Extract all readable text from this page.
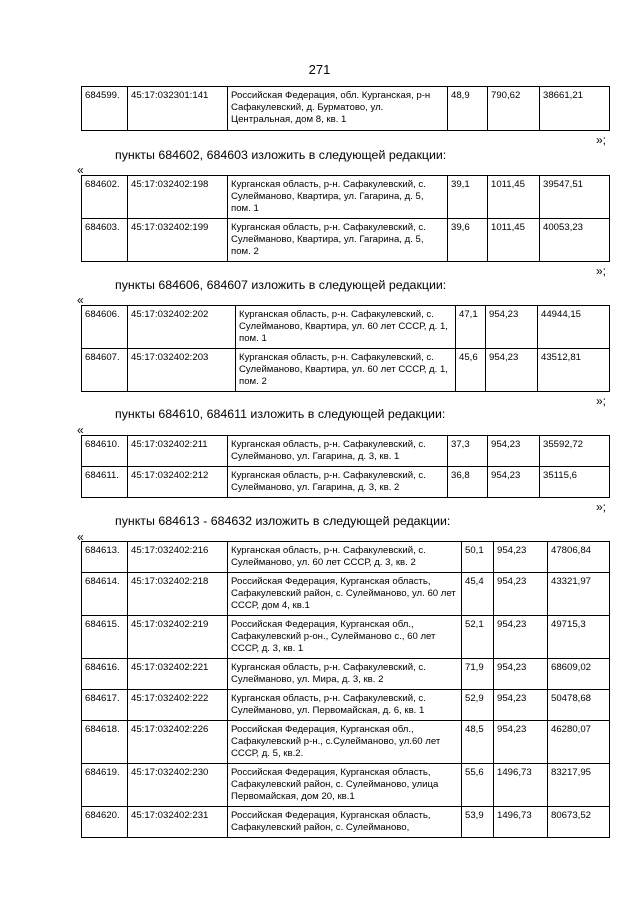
271
684599.	45:17:032301:141	Российская Федерация, обл. Курганская, р-н Сафакулевский, д. Бурматово, ул. Центральная, дом 8, кв. 1	48,9	790,62	38661,21
»;
пункты 684602, 684603 изложить в следующей редакции:
«
684602.	45:17:032402:198	Курганская область, р-н. Сафакулевский, с. Сулейманово, Квартира, ул. Гагарина, д. 5, пом. 1	39,1	1011,45	39547,51
684603.	45:17:032402:199	Курганская область, р-н. Сафакулевский, с. Сулейманово, Квартира, ул. Гагарина, д. 5, пом. 2	39,6	1011,45	40053,23
»;
пункты 684606, 684607 изложить в следующей редакции:
«
684606.	45:17:032402:202	Курганская область, р-н. Сафакулевский, с. Сулейманово, Квартира, ул. 60 лет СССР, д. 1, пом. 1	47,1	954,23	44944,15
684607.	45:17:032402:203	Курганская область, р-н. Сафакулевский, с. Сулейманово, Квартира, ул. 60 лет СССР, д. 1, пом. 2	45,6	954,23	43512,81
»;
пункты 684610, 684611 изложить в следующей редакции:
«
684610.	45:17:032402:211	Курганская область, р-н. Сафакулевский, с. Сулейманово, ул. Гагарина, д. 3, кв. 1	37,3	954,23	35592,72
684611.	45:17:032402:212	Курганская область, р-н. Сафакулевский, с. Сулейманово, ул. Гагарина, д. 3, кв. 2	36,8	954,23	35115,6
»;
пункты 684613 - 684632 изложить в следующей редакции:
«
684613.	45:17:032402:216	Курганская область, р-н. Сафакулевский, с. Сулейманово, ул. 60 лет СССР, д. 3, кв. 2	50,1	954,23	47806,84
684614.	45:17:032402:218	Российская Федерация, Курганская область, Сафакулевский район, с. Сулейманово, ул. 60 лет СССР, дом 4, кв.1	45,4	954,23	43321,97
684615.	45:17:032402:219	Российская Федерация, Курганская обл., Сафакулевский р-он., Сулейманово с., 60 лет СССР, д. 3, кв. 1	52,1	954,23	49715,3
684616.	45:17:032402:221	Курганская область, р-н. Сафакулевский, с. Сулейманово, ул. Мира, д. 3, кв. 2	71,9	954,23	68609,02
684617.	45:17:032402:222	Курганская область, р-н. Сафакулевский, с. Сулейманово, ул. Первомайская, д. 6, кв. 1	52,9	954,23	50478,68
684618.	45:17:032402:226	Российская Федерация, Курганская обл., Сафакулевский р-н., с.Сулейманово, ул.60 лет СССР, д. 5, кв.2.	48,5	954,23	46280,07
684619.	45:17:032402:230	Российская Федерация, Курганская область, Сафакулевский район, с. Сулейманово, улица Первомайская, дом 20, кв.1	55,6	1496,73	83217,95
684620.	45:17:032402:231	Российская Федерация, Курганская область, Сафакулевский район, с. Сулейманово,	53,9	1496,73	80673,52
